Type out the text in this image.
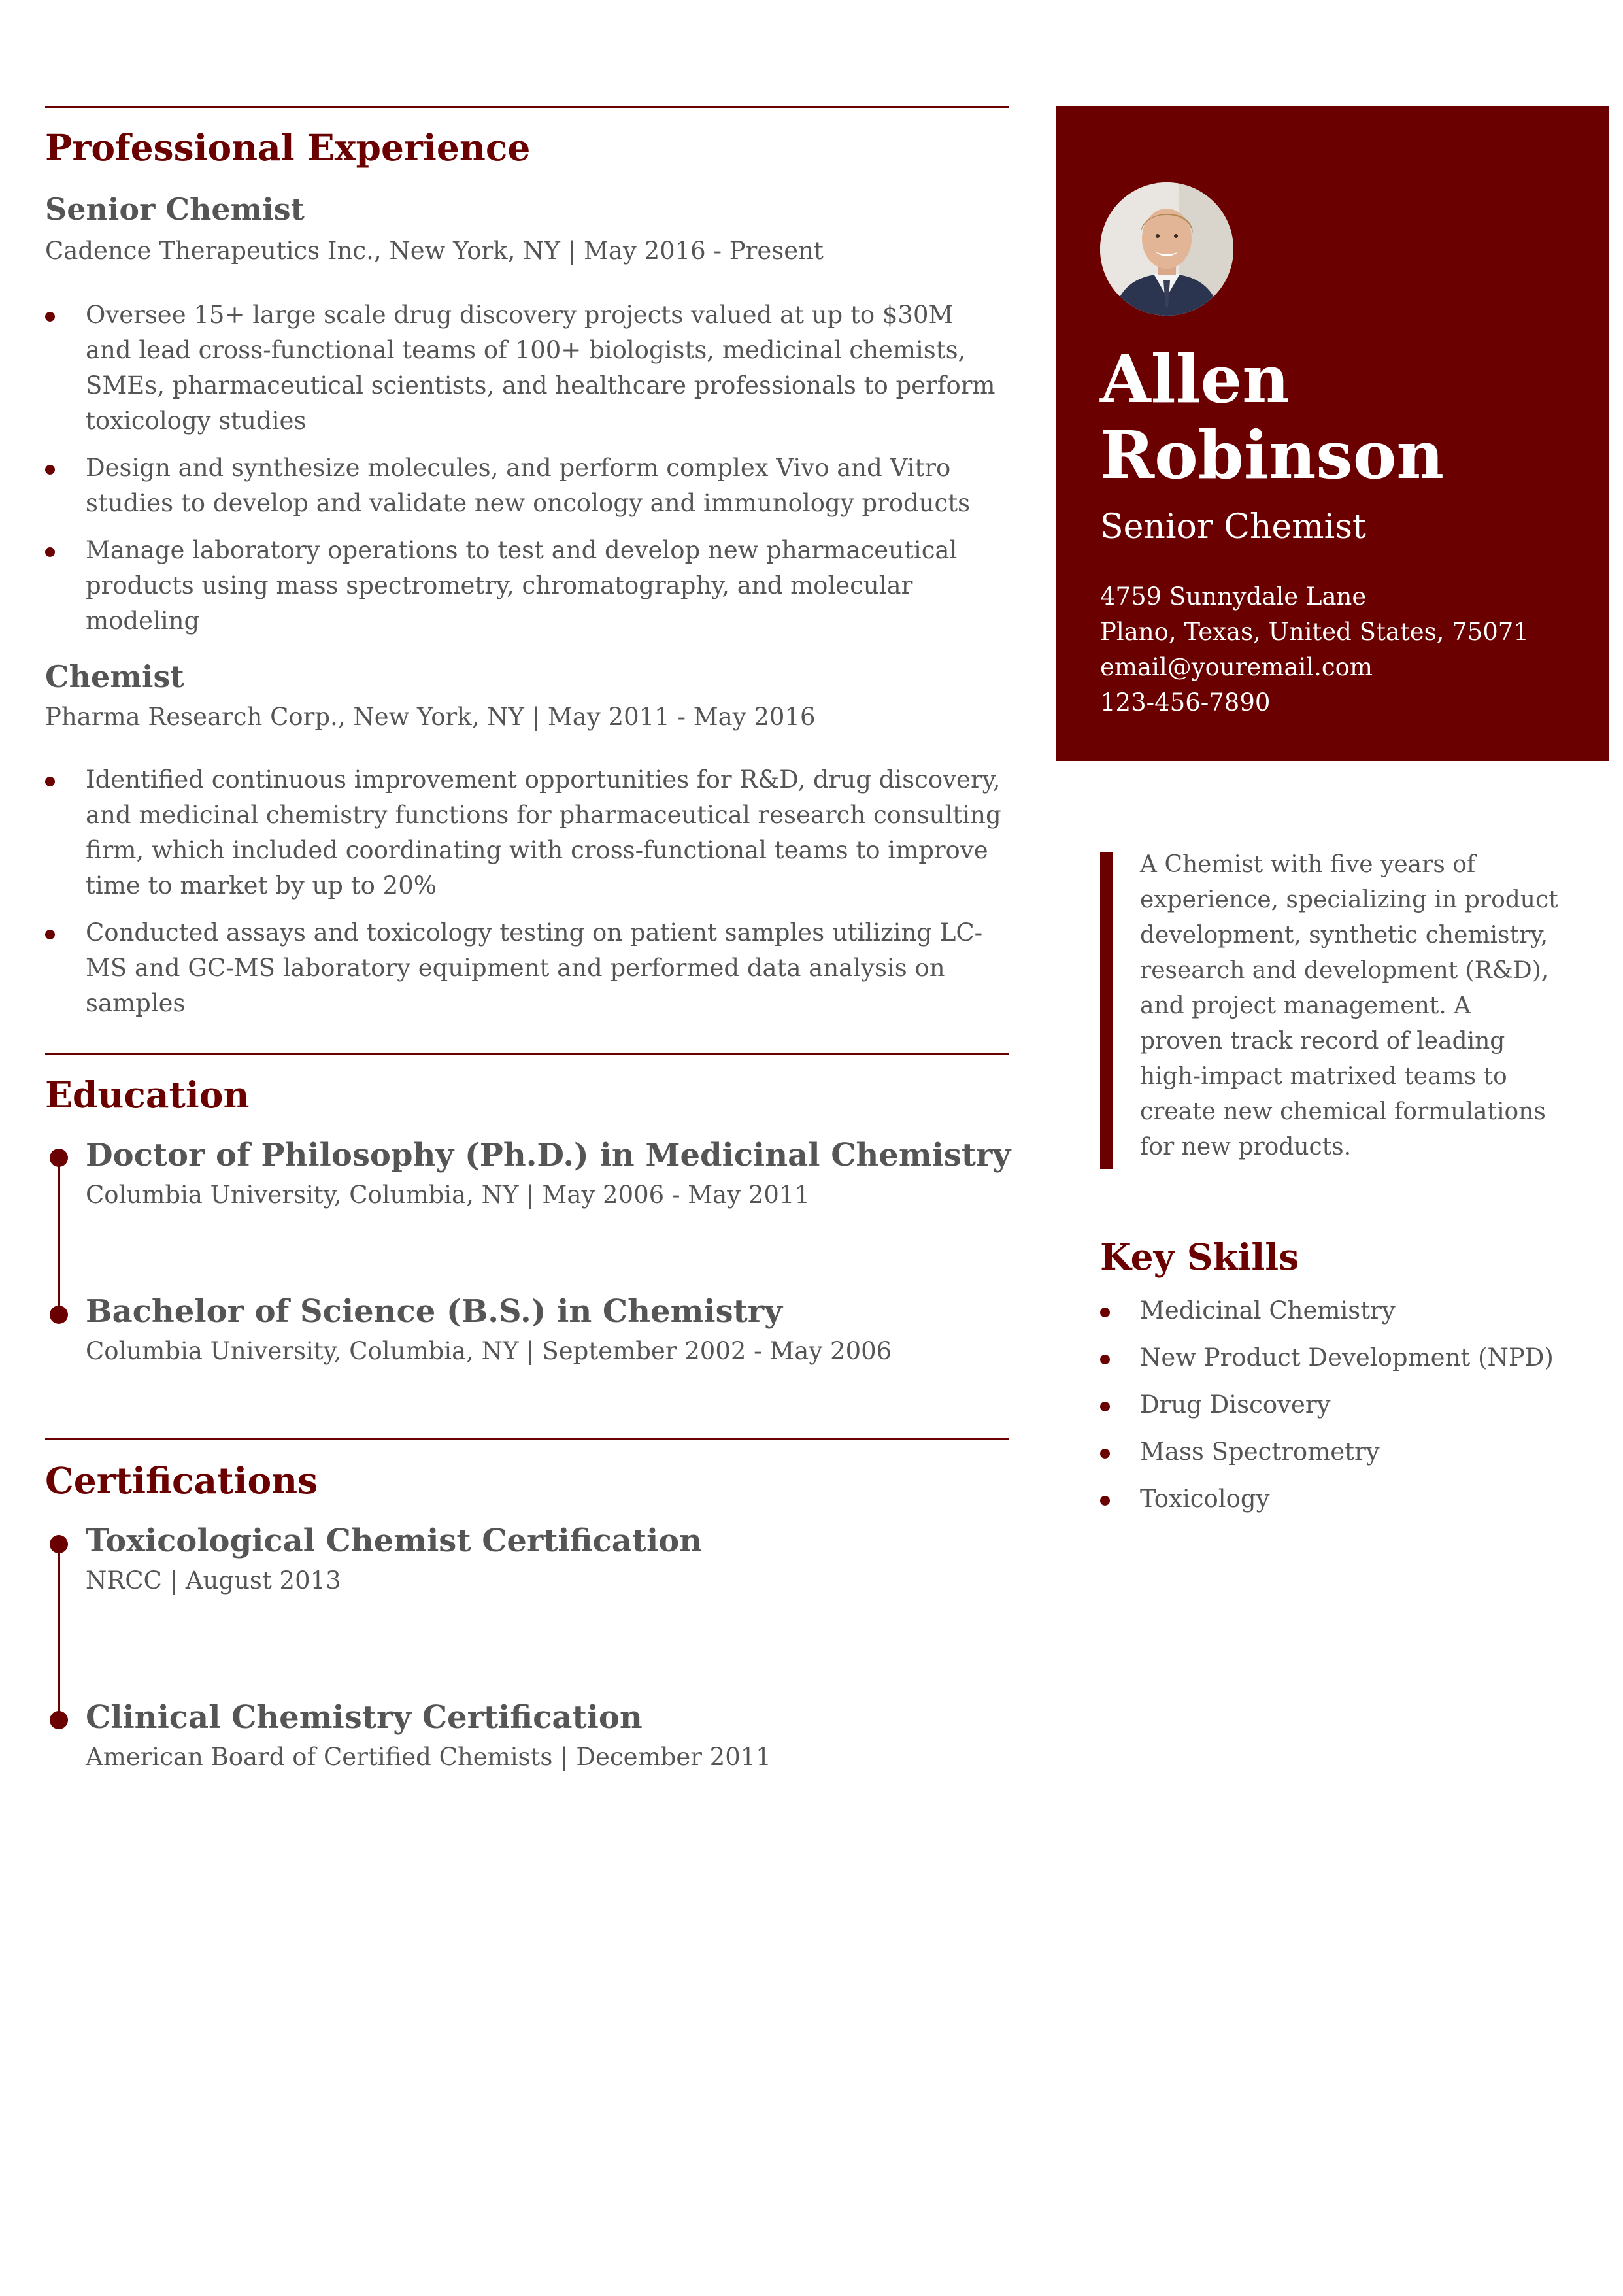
Professional Experience
Senior Chemist

Cadence Therapeutics Inc., New York, NY | May 2016 - Present

Oversee 15+ large scale drug discovery projects valued at up to $30M and lead cross-functional teams of 100+ biologists, medicinal chemists, SMEs, pharmaceutical scientists, and healthcare professionals to perform toxicology studies
Design and synthesize molecules, and perform complex Vivo and Vitro studies to develop and validate new oncology and immunology products
Manage laboratory operations to test and develop new pharmaceutical products using mass spectrometry, chromatography, and molecular modeling
Chemist

Pharma Research Corp., New York, NY | May 2011 - May 2016

Identified continuous improvement opportunities for R&D, drug discovery, and medicinal chemistry functions for pharmaceutical research consulting firm, which included coordinating with cross-functional teams to improve time to market by up to 20%
Conducted assays and toxicology testing on patient samples utilizing LC-MS and GC-MS laboratory equipment and performed data analysis on samples
Education
Doctor of Philosophy (Ph.D.) in Medicinal Chemistry

Columbia University, Columbia, NY | May 2006 - May 2011

Bachelor of Science (B.S.) in Chemistry

Columbia University, Columbia, NY | September 2002 - May 2006

Certifications
Toxicological Chemist Certification

NRCC | August 2013

Clinical Chemistry Certification

American Board of Certified Chemists | December 2011

Allen
Robinson

Senior Chemist

4759 Sunnydale Lane
Plano, Texas, United States, 75071
email@youremail.com
123-456-7890

A Chemist with five years of experience, specializing in product development, synthetic chemistry, research and development (R&D), and project management. A proven track record of leading high-impact matrixed teams to create new chemical formulations for new products.

Key Skills
Medicinal Chemistry
New Product Development (NPD)
Drug Discovery
Mass Spectrometry
Toxicology
